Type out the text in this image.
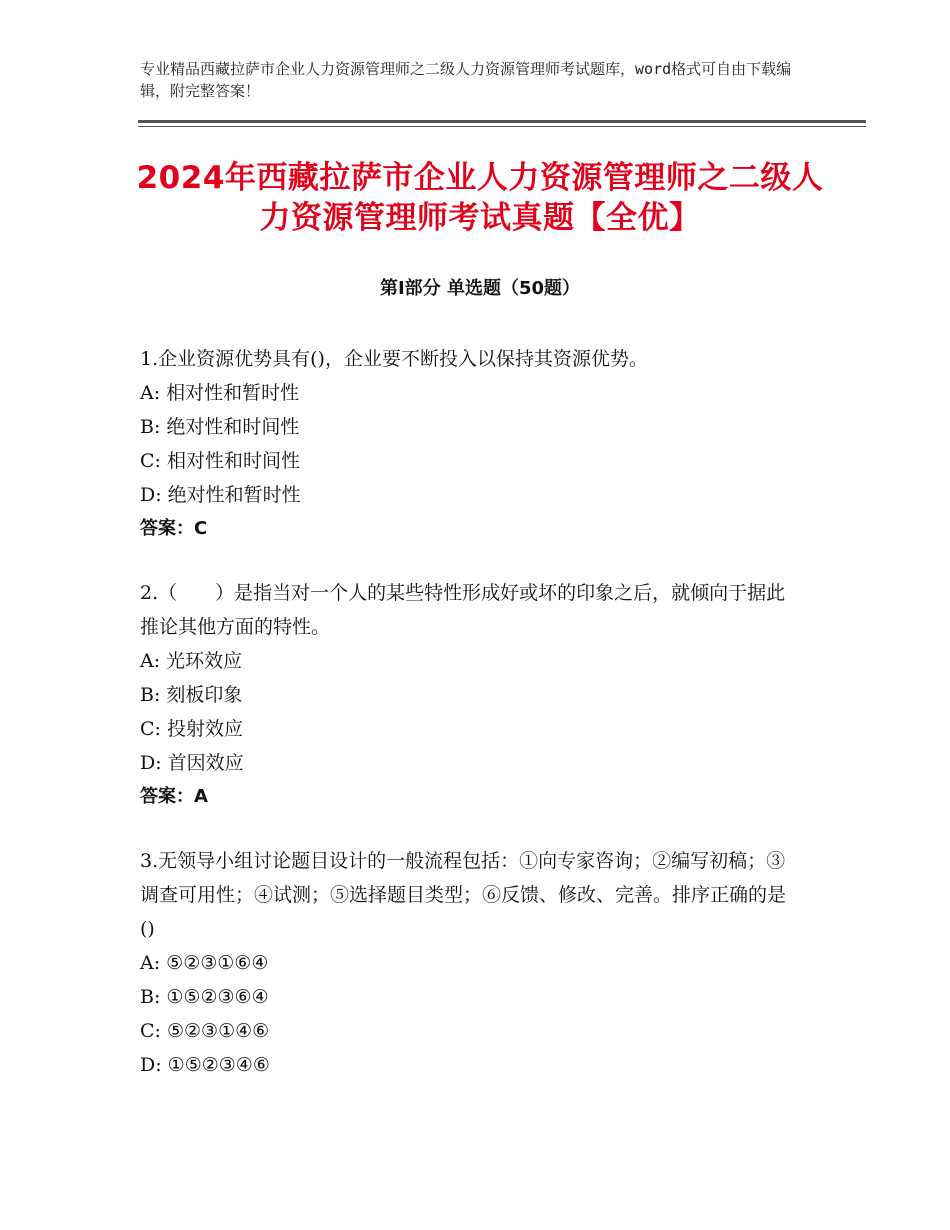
专业精品西藏拉萨市企业人力资源管理师之二级人力资源管理师考试题库，word格式可自由下载编辑，附完整答案！
2024年西藏拉萨市企业人力资源管理师之二级人力资源管理师考试真题【全优】
第Ⅰ部分 单选题（50题）

1.企业资源优势具有()，企业要不断投入以保持其资源优势。

A: 相对性和暂时性

B: 绝对性和时间性

C: 相对性和时间性

D: 绝对性和暂时性

答案：C

2.（　　）是指当对一个人的某些特性形成好或坏的印象之后，就倾向于据此推论其他方面的特性。

A: 光环效应

B: 刻板印象

C: 投射效应

D: 首因效应

答案：A

3.无领导小组讨论题目设计的一般流程包括：①向专家咨询；②编写初稿；③调查可用性；④试测；⑤选择题目类型；⑥反馈、修改、完善。排序正确的是()

A: ⑤②③①⑥④

B: ①⑤②③⑥④

C: ⑤②③①④⑥

D: ①⑤②③④⑥
